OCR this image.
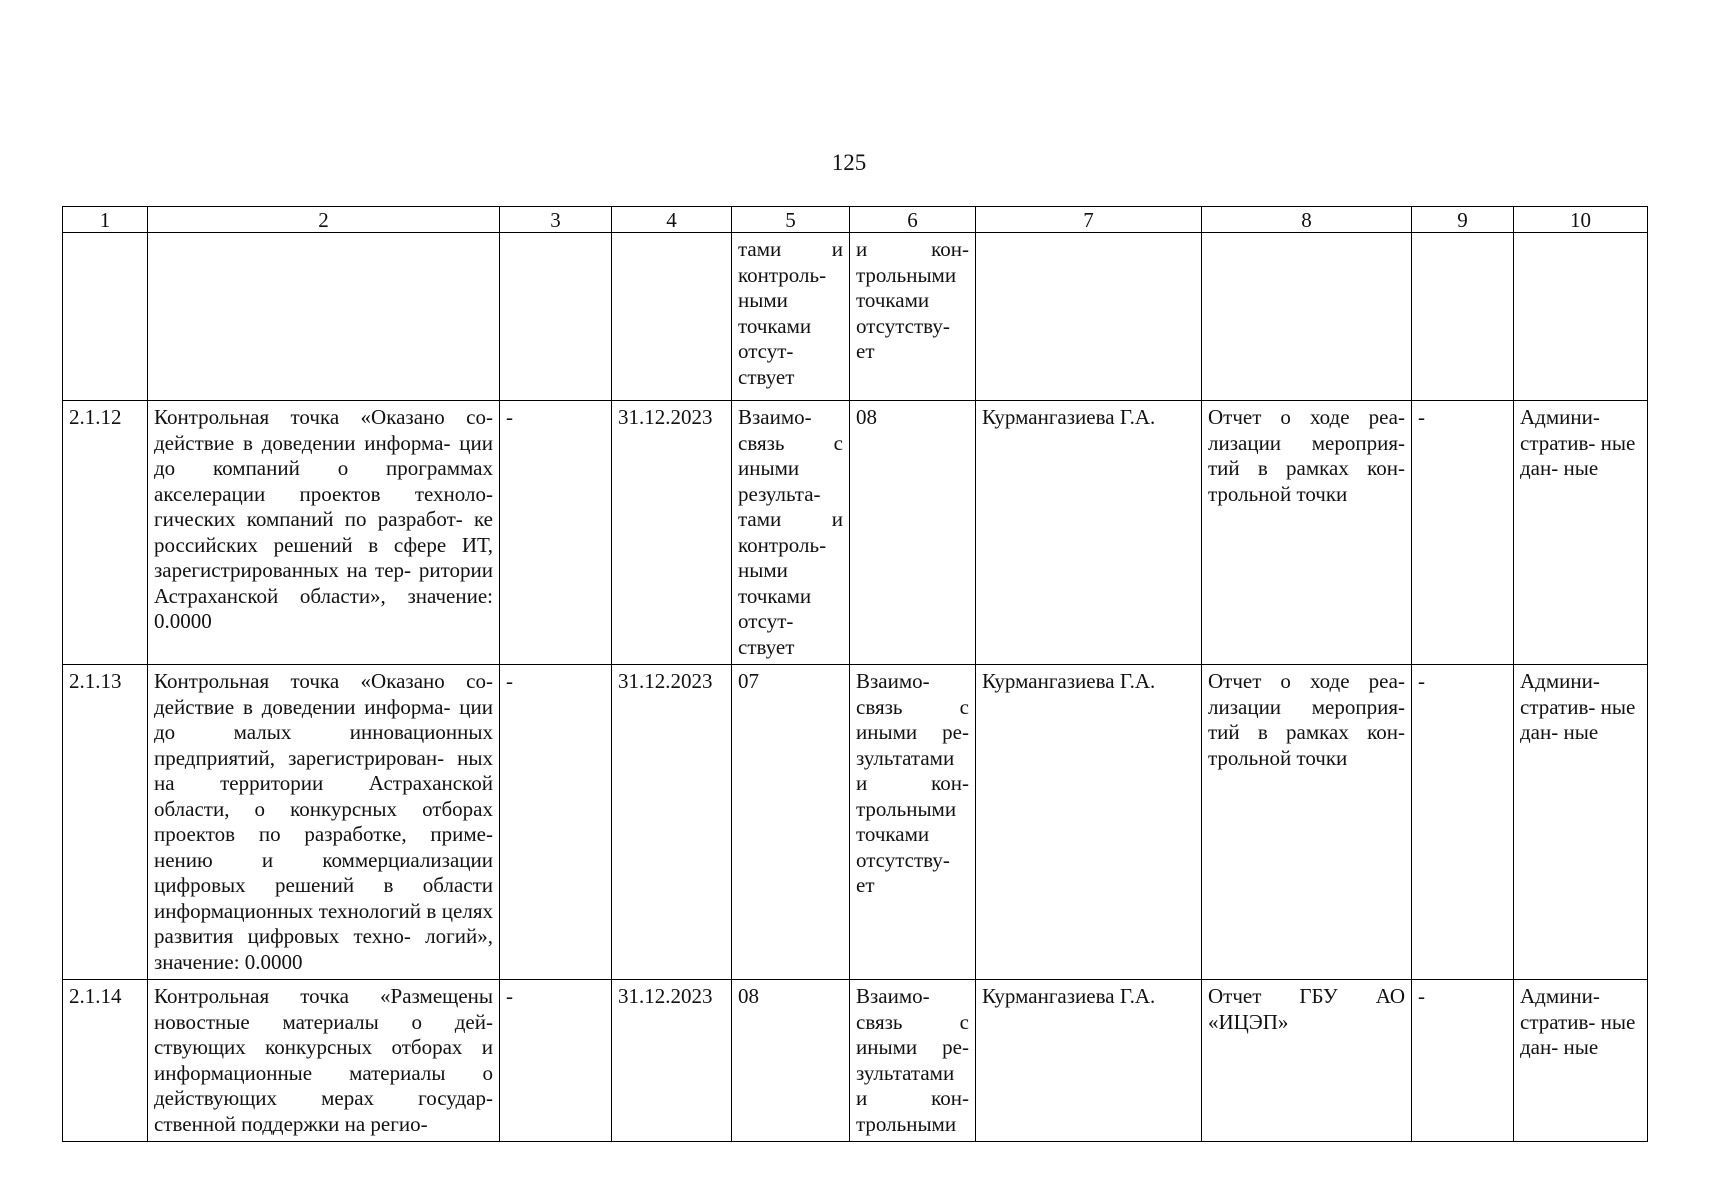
125
1	2	3	4	5	6	7	8	9	10
				тами и контроль- ными точками отсут- ствует	и кон- трольными точками отсутству- ет				
2.1.12	Контрольная точка «Оказано со- действие в доведении информа- ции до компаний о программах акселерации проектов техноло- гических компаний по разработ- ке российских решений в сфере ИТ, зарегистрированных на тер- ритории Астраханской области», значение: 0.0000	-	31.12.2023	Взаимо- связь с иными результа- тами и контроль- ными точками отсут- ствует	08	Курмангазиева Г.А.	Отчет о ходе реа- лизации мероприя- тий в рамках кон- трольной точки	-	Админи- стратив- ные дан- ные
2.1.13	Контрольная точка «Оказано со- действие в доведении информа- ции до малых инновационных предприятий, зарегистрирован- ных на территории Астраханской области, о конкурсных отборах проектов по разработке, приме- нению и коммерциализации цифровых решений в области информационных технологий в целях развития цифровых техно- логий», значение: 0.0000	-	31.12.2023	07	Взаимо- связь с иными ре- зультатами и кон- трольными точками отсутству- ет	Курмангазиева Г.А.	Отчет о ходе реа- лизации мероприя- тий в рамках кон- трольной точки	-	Админи- стратив- ные дан- ные
2.1.14	Контрольная точка «Размещены новостные материалы о дей- ствующих конкурсных отборах и информационные материалы о действующих мерах государ- ственной поддержки на регио-	-	31.12.2023	08	Взаимо- связь с иными ре- зультатами и кон- трольными	Курмангазиева Г.А.	Отчет ГБУ АО «ИЦЭП»	-	Админи- стратив- ные дан- ные
